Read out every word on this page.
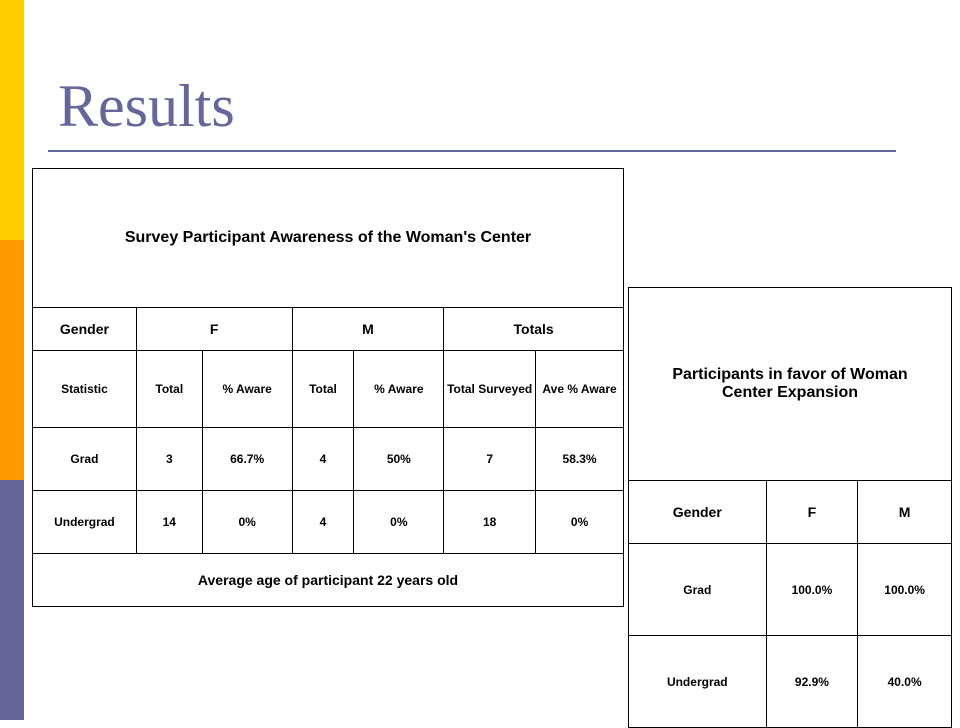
Results
Survey Participant Awareness of the Woman's Center						
Gender	F		M		Totals	
Statistic	Total	% Aware	Total	% Aware	Total Surveyed	Ave % Aware
Grad	3	66.7%	4	50%	7	58.3%
Undergrad	14	0%	4	0%	18	0%
Average age of participant 22 years old						
Participants in favor of Woman Center Expansion		
Gender	F	M
Grad	100.0%	100.0%
Undergrad	92.9%	40.0%
